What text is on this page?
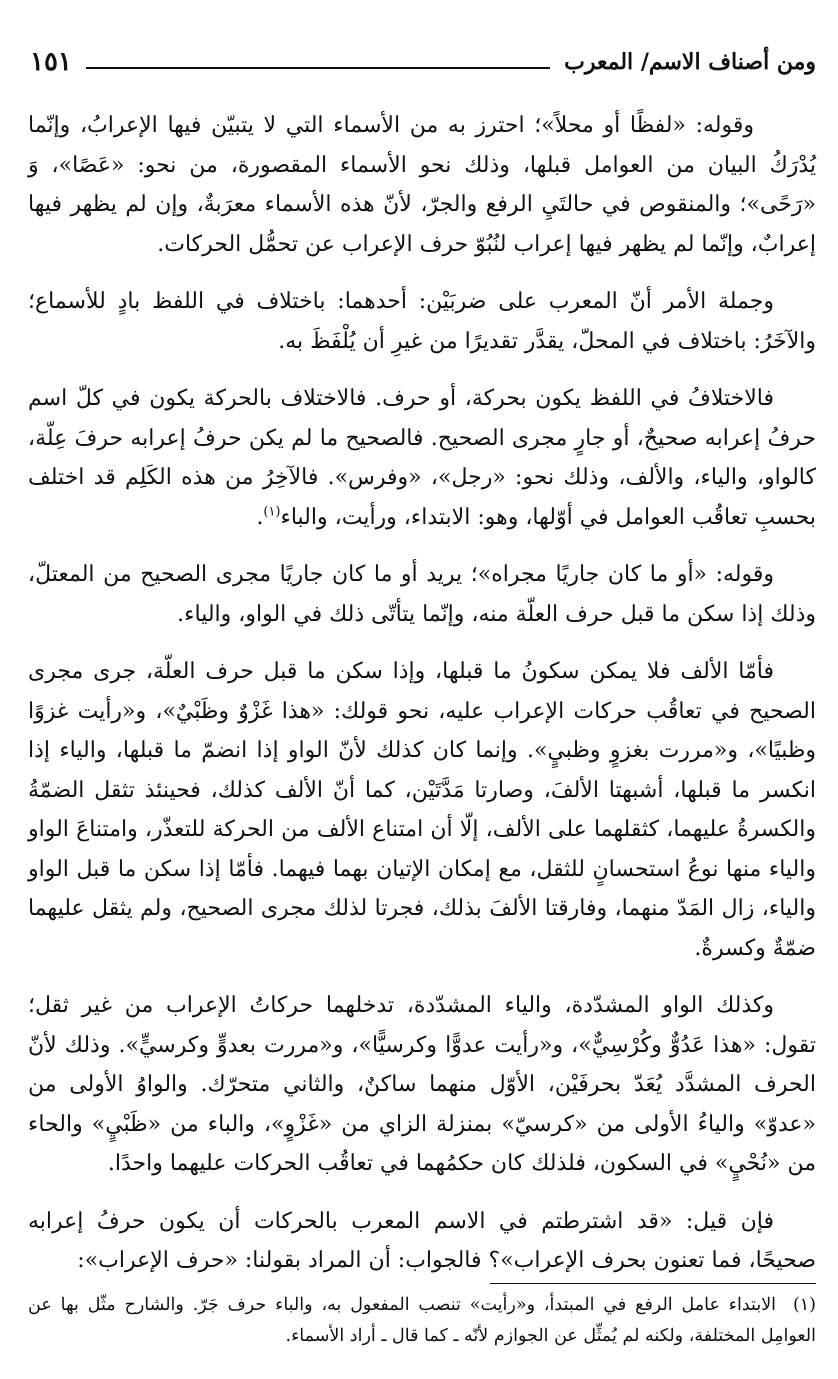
ومن أصناف الاسم/ المعرب
١٥١

وقوله: «لفظًا أو محلاً»؛ احترز به من الأسماء التي لا يتبيّن فيها الإعرابُ، وإنّما يُدْرَكُ البيان من العوامل قبلها، وذلك نحو الأسماء المقصورة، من نحو: «عَصًا»، وَ «رَحًى»؛ والمنقوص في حالتَيِ الرفع والجرّ، لأنّ هذه الأسماء معرَبةٌ، وإن لم يظهر فيها إعرابٌ، وإنّما لم يظهر فيها إعراب لنُبُوّ حرف الإعراب عن تحمُّل الحركات.

وجملة الأمر أنّ المعرب على ضربَيْن: أحدهما: باختلاف في اللفظ بادٍ للأسماع؛ والآخَرُ: باختلاف في المحلّ، يقدَّر تقديرًا من غيرِ أن يُلْفَظَ به.

فالاختلافُ في اللفظ يكون بحركة، أو حرف. فالاختلاف بالحركة يكون في كلّ اسم حرفُ إعرابه صحيحٌ، أو جارٍ مجرى الصحيح. فالصحيح ما لم يكن حرفُ إعرابه حرفَ عِلّة، كالواو، والياء، والألف، وذلك نحو: «رجل»، «وفرس». فالآخِرُ من هذه الكَلِم قد اختلف بحسبِ تعاقُب العوامل في أوّلها، وهو: الابتداء، ورأيت، والباء$^{(١)}$.

وقوله: «أو ما كان جاريًا مجراه»؛ يريد أو ما كان جاريًا مجرى الصحيح من المعتلّ، وذلك إذا سكن ما قبل حرف العلّة منه، وإنّما يتأتّى ذلك في الواو، والياء.

فأمّا الألف فلا يمكن سكونُ ما قبلها، وإذا سكن ما قبل حرف العلّة، جرى مجرى الصحيح في تعاقُب حركات الإعراب عليه، نحو قولك: «هذا غَزْوٌ وظَبْيٌ»، و«رأيت غزوًا وظبيًا»، و«مررت بغزوٍ وظبيٍ». وإنما كان كذلك لأنّ الواو إذا انضمّ ما قبلها، والياء إذا انكسر ما قبلها، أشبهتا الألفَ، وصارتا مَدَّتَيْن، كما أنّ الألف كذلك، فحينئذ تثقل الضمّةُ والكسرةُ عليهما، كثقلهما على الألف، إلّا أن امتناع الألف من الحركة للتعذّر، وامتناعَ الواو والياء منها نوعُ استحسانٍ للثقل، مع إمكان الإتيان بهما فيهما. فأمّا إذا سكن ما قبل الواو والياء، زال المَدّ منهما، وفارقتا الألفَ بذلك، فجرتا لذلك مجرى الصحيح، ولم يثقل عليهما ضمّةٌ وكسرةٌ.

وكذلك الواو المشدّدة، والياء المشدّدة، تدخلهما حركاتُ الإعراب من غير ثقل؛ تقول: «هذا عَدُوٌّ وكُرْسِيٌّ»، و«رأيت عدوًّا وكرسيًّا»، و«مررت بعدوٍّ وكرسيٍّ». وذلك لأنّ الحرف المشدَّد يُعَدّ بحرفَيْن، الأوّل منهما ساكنٌ، والثاني متحرّك. والواوُ الأولى من «عدوّ» والياءُ الأولى من «كرسيّ» بمنزلة الزاي من «غَزْوٍ»، والباء من «ظَبْيٍ» والحاء من «نُحْيٍ» في السكون، فلذلك كان حكمُهما في تعاقُب الحركات عليهما واحدًا.

فإن قيل: «قد اشترطتم في الاسم المعرب بالحركات أن يكون حرفُ إعرابه صحيحًا، فما تعنون بحرف الإعراب»؟ فالجواب: أن المراد بقولنا: «حرف الإعراب»:

(١) الابتداء عامل الرفع في المبتدأ، و«رأيت» تنصب المفعول به، والباء حرف جَرّ. والشارح مثّل بها عن العوامِل المختلفة، ولكنه لم يُمثِّل عن الجوازم لأنّه ـ كما قال ـ أراد الأسماء.
